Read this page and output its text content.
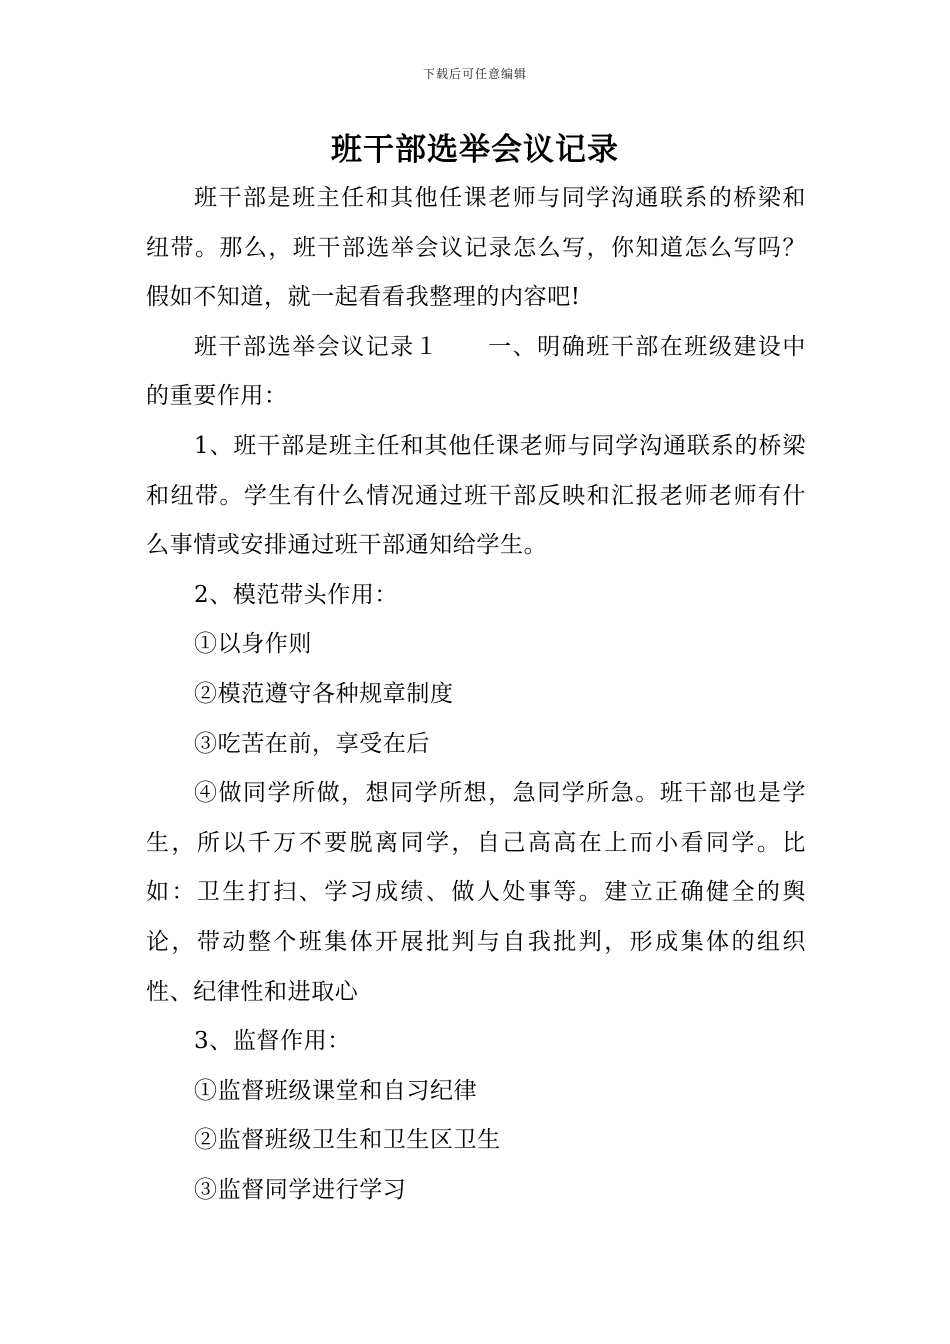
下载后可任意编辑
班干部选举会议记录

班干部是班主任和其他任课老师与同学沟通联系的桥梁和纽带。那么，班干部选举会议记录怎么写，你知道怎么写吗？假如不知道，就一起看看我整理的内容吧!

班干部选举会议记录１ 一、明确班干部在班级建设中的重要作用：

1、班干部是班主任和其他任课老师与同学沟通联系的桥梁和纽带。学生有什么情况通过班干部反映和汇报老师老师有什么事情或安排通过班干部通知给学生。

2、模范带头作用：

①以身作则

②模范遵守各种规章制度

③吃苦在前，享受在后

④做同学所做，想同学所想，急同学所急。班干部也是学生，所以千万不要脱离同学，自己高高在上而小看同学。比如：卫生打扫、学习成绩、做人处事等。建立正确健全的舆论，带动整个班集体开展批判与自我批判，形成集体的组织性、纪律性和进取心

3、监督作用：

①监督班级课堂和自习纪律

②监督班级卫生和卫生区卫生

③监督同学进行学习
